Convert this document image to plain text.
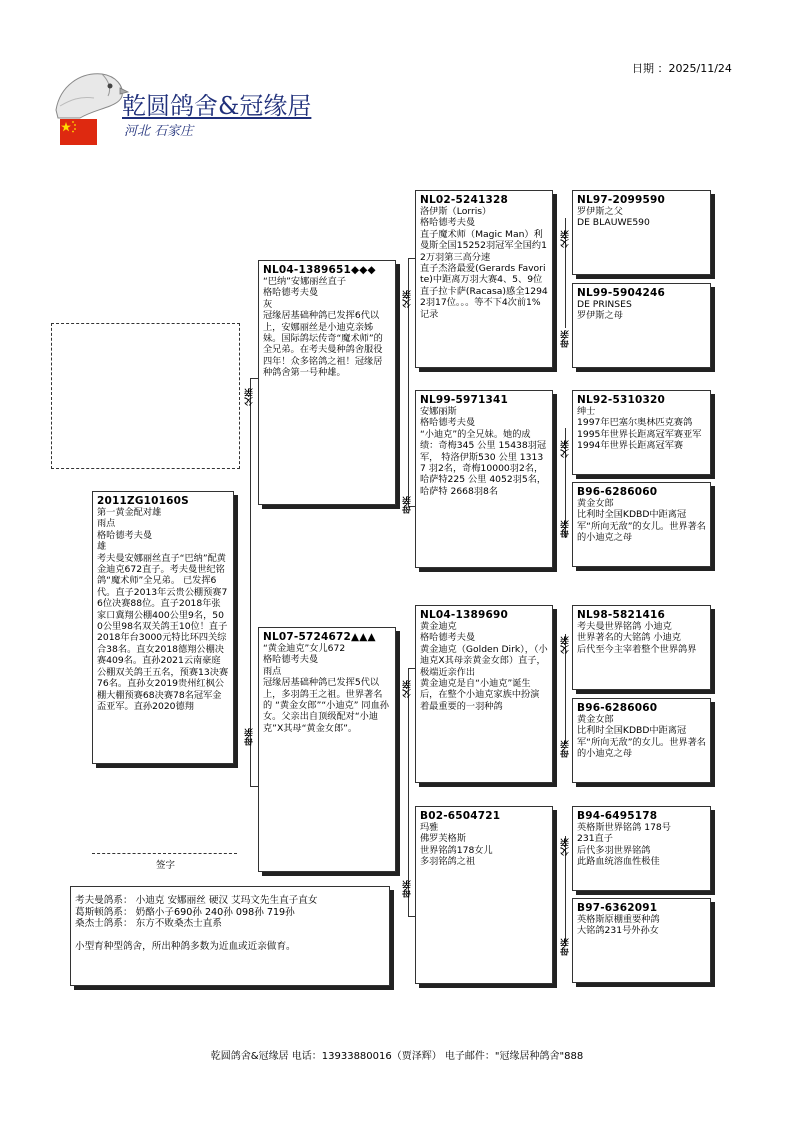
日期 ：2025/11/24
乾圆鸽舍&冠缘居
河北 石家庄
父亲
母亲
父亲
母亲
父亲
母亲
父亲
母亲
父亲
母亲
父亲
母亲
父亲
母亲
2011ZG10160S
第一黄金配对雄
雨点
格哈德考夫曼
雄
考夫曼安娜丽丝直子“巴纳”配黄金迪克672直子。考夫曼世纪铭鸽“魔术师”全兄弟。 已发挥6代。直子2013年云贵公棚预赛76位决赛88位。直子2018年张家口冀翔公棚400公里9名，500公里98名双关鸽王10位！直子2018年台3000元特比环四关综合38名。直女2018德翔公棚决赛409名。直孙2021云南豪庭公棚双关鸽王五名，预赛13决赛76名。直孙女2019贵州红枫公棚大棚预赛68决赛78名冠军金盃亚军。直孙2020德翔
NL04-1389651◆◆◆
“巴纳”安娜丽丝直子
格哈德考夫曼
灰
冠缘居基础种鸽已发挥6代以上，安娜丽丝是小迪克亲姊妹。国际鸽坛传奇“魔术师”的全兄弟。在考夫曼种鸽舍服役四年！众多铭鸽之祖！冠缘居种鸽舍第一号种雄。
NL07-5724672▲▲▲
“黄金迪克”女儿672
格哈德考夫曼
雨点
冠缘居基础种鸽已发挥5代以上，多羽鸽王之祖。世界著名的 “黄金女郎”“小迪克” 同血孙女。父亲出自顶级配对“小迪克”X其母“黄金女郎”。
NL02-5241328
洛伊斯（Lorris）
格哈德考夫曼
直子魔术师（Magic Man）利曼斯全国15252羽冠军全国约12万羽第三高分速
直子杰洛最爱(Gerards Favorite)中距离万羽大赛4、5、9位直子拉卡萨(Racasa)感全12942羽17位。。。等不下4次前1%记录
NL99-5971341
安娜丽斯
格哈德考夫曼
“小迪克”的全兄妹。她的成绩：奇梅345 公里 15438羽冠军， 特洛伊斯530 公里 13137 羽2名，奇梅10000羽2名，哈萨特225 公里 4052羽5名，哈萨特 2668羽8名
NL04-1389690
黄金迪克
格哈德考夫曼
黄金迪克（Golden Dirk），（小迪克X其母亲黄金女郎）直子，极端近亲作出
黄金迪克是自“小迪克”诞生后，在整个小迪克家族中扮演着最重要的一羽种鸽
B02-6504721
玛雅
佛罗芙格斯
世界铭鸽178女儿
多羽铭鸽之祖
NL97-2099590
罗伊斯之父
DE BLAUWE590
NL99-5904246
DE PRINSES
罗伊斯之母
NL92-5310320
绅士
1997年巴塞尔奥林匹克赛鸽
1995年世界长距离冠军赛亚军
1994年世界长距离冠军赛
B96-6286060
黄金女郎
比利时全国KDBD中距离冠军“所向无敌”的女儿。世界著名的小迪克之母
NL98-5821416
考夫曼世界铭鸽 小迪克
世界著名的大铭鸽 小迪克
后代至今主宰着整个世界鸽界
B96-6286060
黄金女郎
比利时全国KDBD中距离冠军“所向无敌”的女儿。世界著名的小迪克之母
B94-6495178
英格斯世界铭鸽 178号
231直子
后代多羽世界铭鸽
此路血统溶血性极佳
B97-6362091
英格斯原棚重要种鸽
大铭鸽231号外孙女
签字
考夫曼鸽系： 小迪克 安娜丽丝 硬汉 艾玛文先生直子直女
葛斯顿鸽系： 奶酪小子690孙 240孙 098孙 719孙
桑杰士鸽系： 东方不败桑杰士直系

小型育种型鸽舍，所出种鸽多数为近血或近亲做育。
乾圆鸽舍&冠缘居 电话：13933880016（贾泽辉） 电子邮件："冠缘居种鸽舍"888
